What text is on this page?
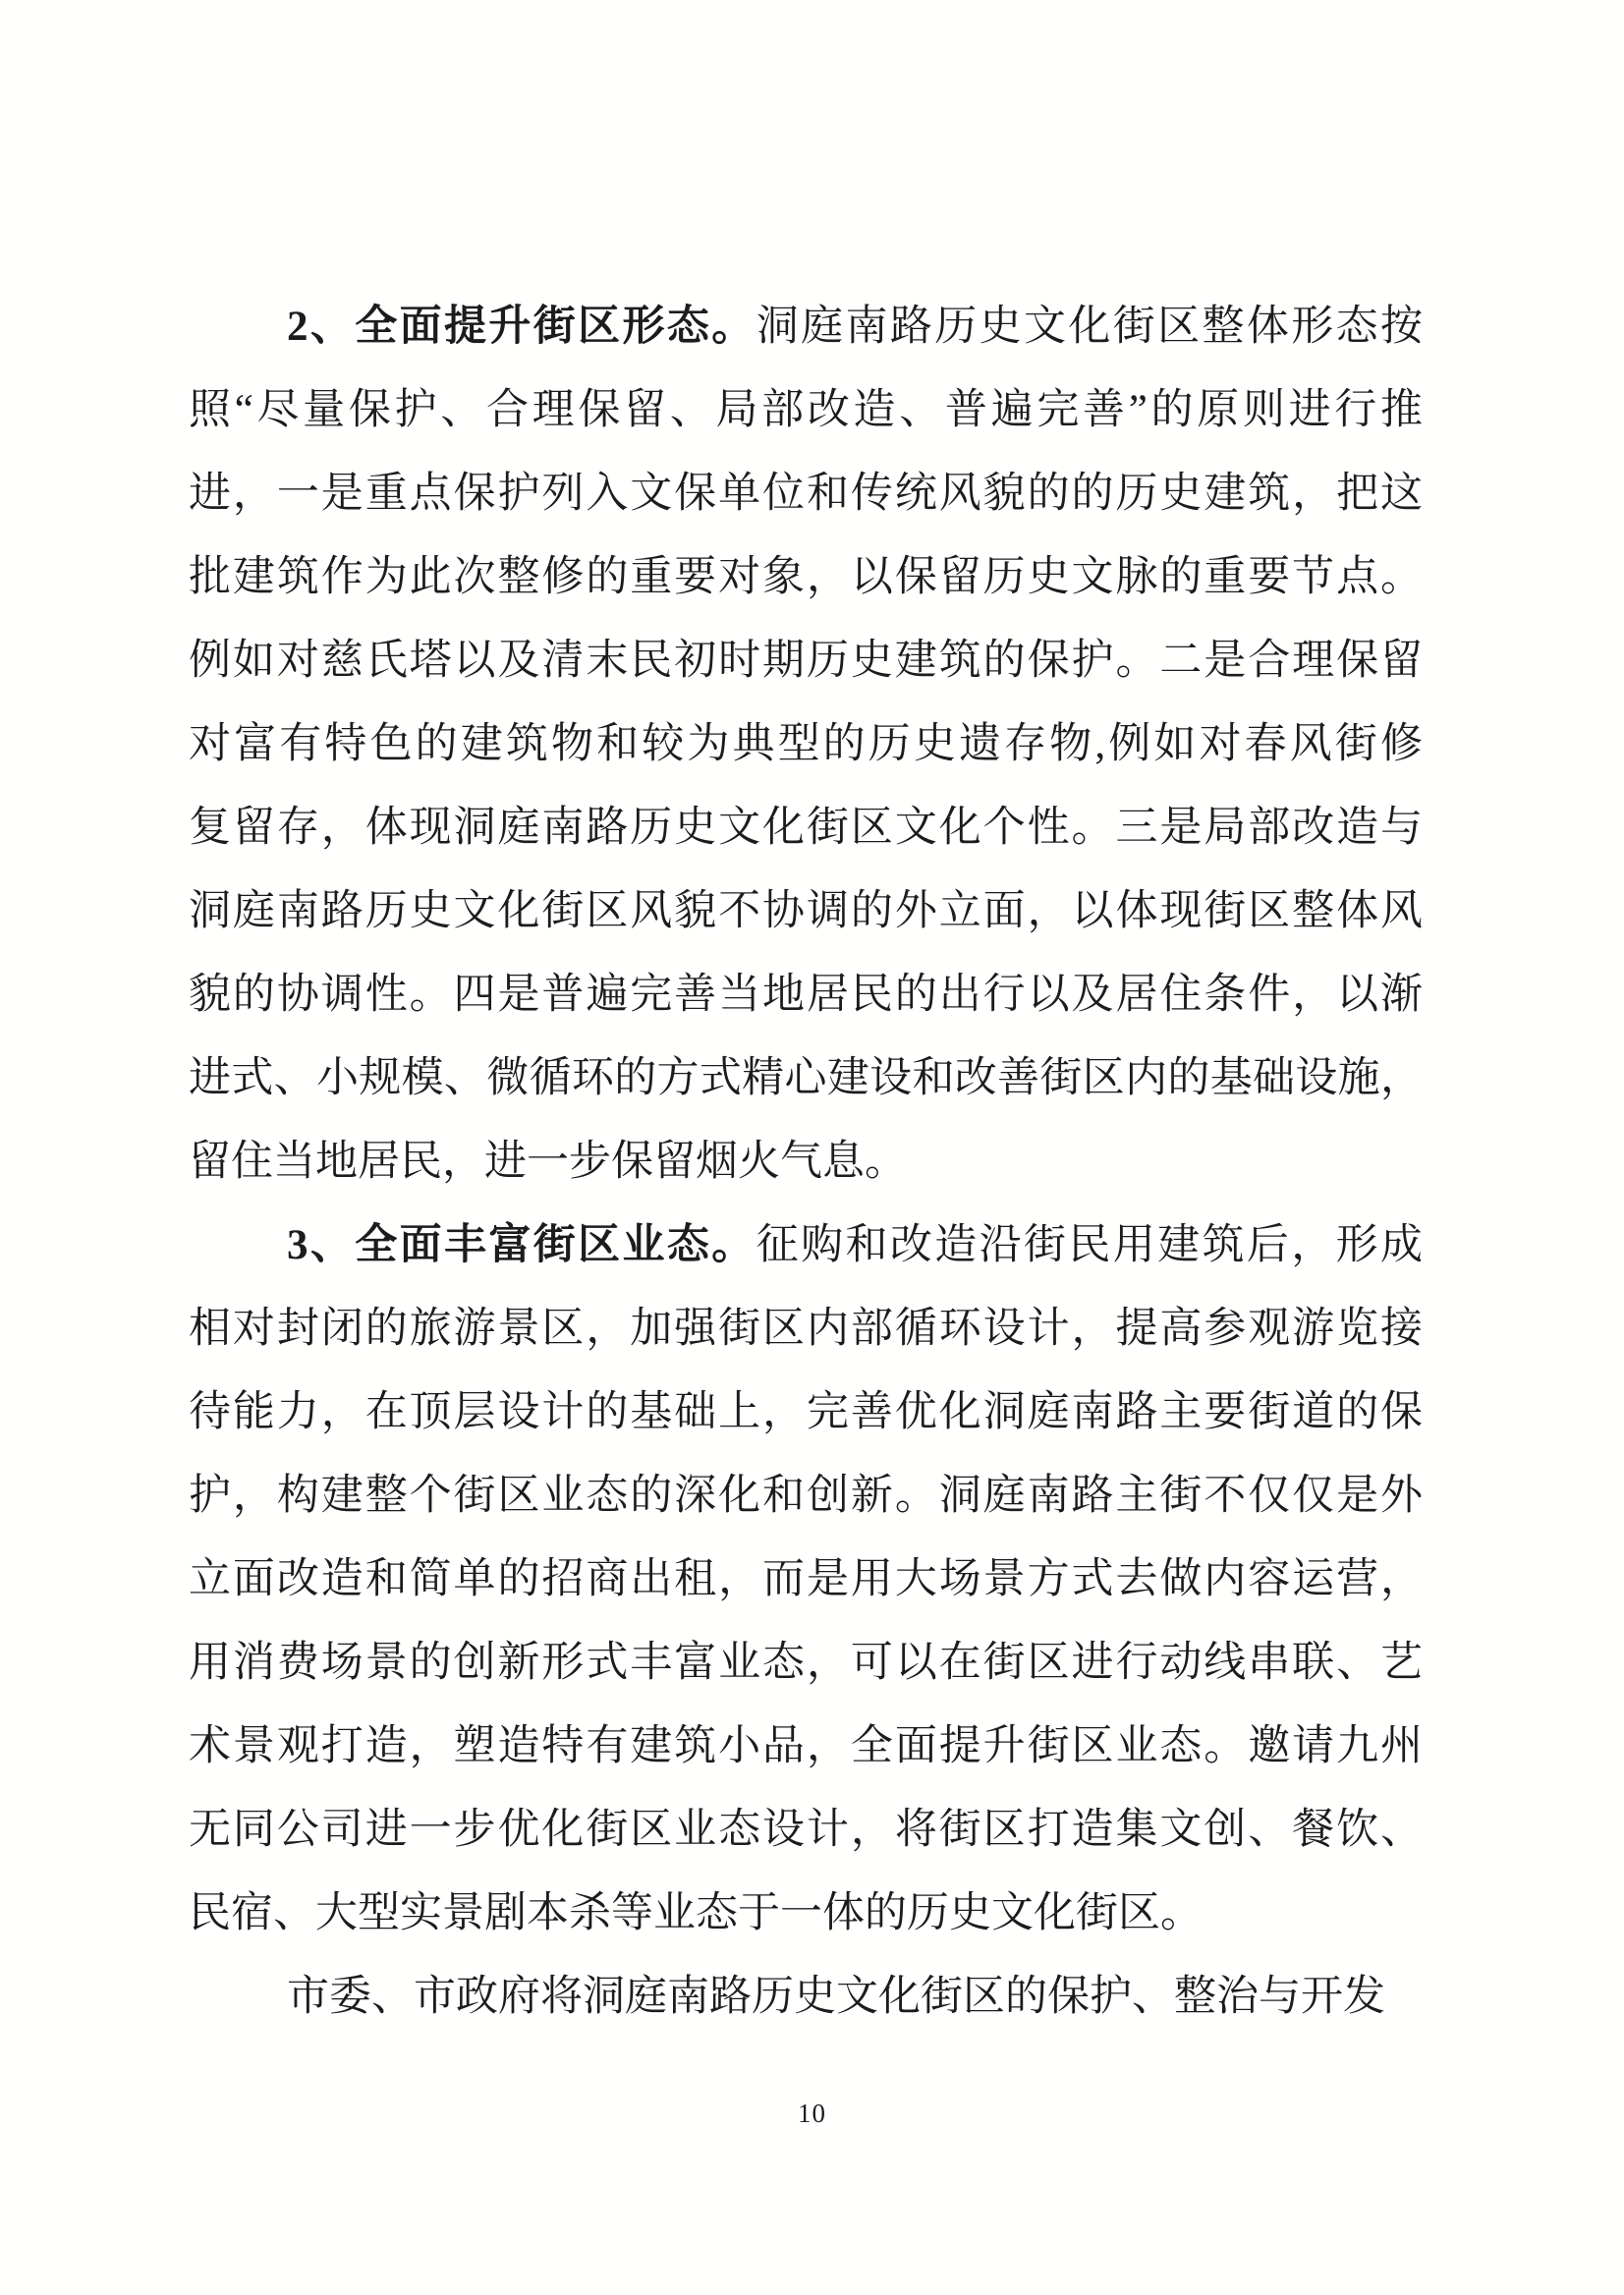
2、全面提升街区形态。洞庭南路历史文化街区整体形态按
照“尽量保护、合理保留、局部改造、普遍完善”的原则进行推
进，一是重点保护列入文保单位和传统风貌的的历史建筑，把这
批建筑作为此次整修的重要对象，以保留历史文脉的重要节点。
例如对慈氏塔以及清末民初时期历史建筑的保护。二是合理保留
对富有特色的建筑物和较为典型的历史遗存物,例如对春风街修
复留存，体现洞庭南路历史文化街区文化个性。三是局部改造与
洞庭南路历史文化街区风貌不协调的外立面，以体现街区整体风
貌的协调性。四是普遍完善当地居民的出行以及居住条件，以渐
进式、小规模、微循环的方式精心建设和改善街区内的基础设施，
留住当地居民，进一步保留烟火气息。
3、全面丰富街区业态。征购和改造沿街民用建筑后，形成
相对封闭的旅游景区，加强街区内部循环设计，提高参观游览接
待能力，在顶层设计的基础上，完善优化洞庭南路主要街道的保
护，构建整个街区业态的深化和创新。洞庭南路主街不仅仅是外
立面改造和简单的招商出租，而是用大场景方式去做内容运营，
用消费场景的创新形式丰富业态，可以在街区进行动线串联、艺
术景观打造，塑造特有建筑小品，全面提升街区业态。邀请九州
无同公司进一步优化街区业态设计，将街区打造集文创、餐饮、
民宿、大型实景剧本杀等业态于一体的历史文化街区。
市委、市政府将洞庭南路历史文化街区的保护、整治与开发
10
